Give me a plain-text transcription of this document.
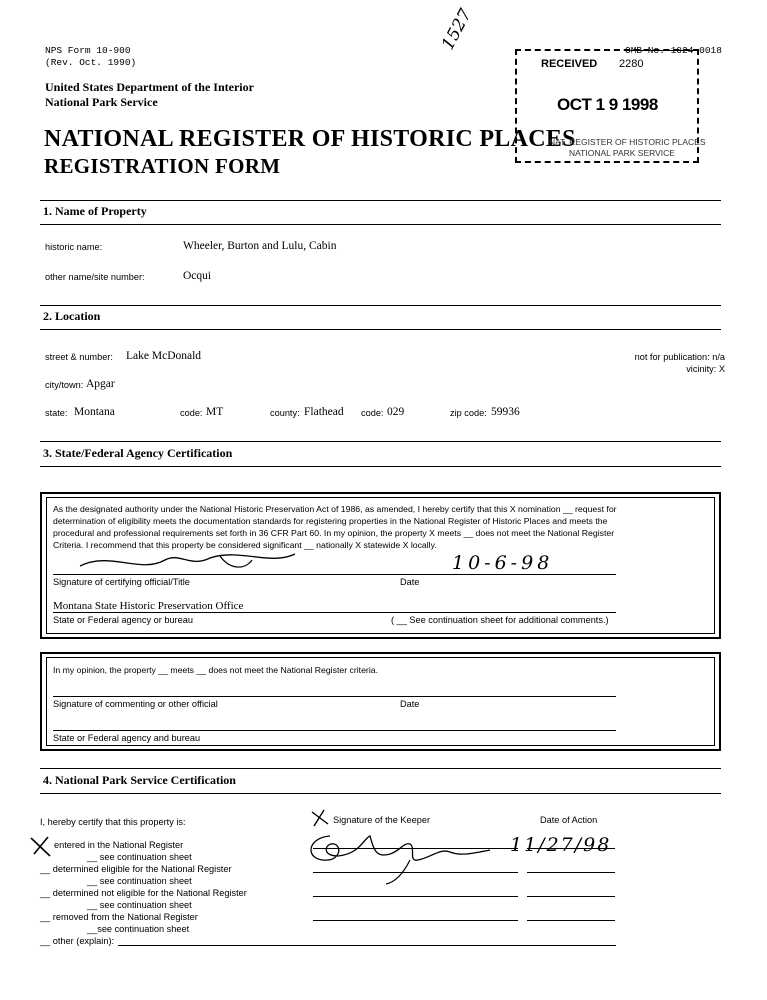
NPS Form 10-900
(Rev. Oct. 1990)
United States Department of the Interior
National Park Service
OMB No. 1024-0018
1527
NATIONAL REGISTER OF HISTORIC PLACES
REGISTRATION FORM
RECEIVED 2280
OCT 1 9 1998
NAT. REGISTER OF HISTORIC PLACES
NATIONAL PARK SERVICE
1. Name of Property
historic name:	Wheeler, Burton and Lulu, Cabin
other name/site number:	Ocqui
2. Location
street & number: Lake McDonald	not for publication: n/a
vicinity: X
city/town: Apgar
state: Montana	code: MT	county: Flathead code: 029	zip code: 59936
3. State/Federal Agency Certification
As the designated authority under the National Historic Preservation Act of 1986, as amended, I hereby certify that this X nomination __ request for
determination of eligibility meets the documentation standards for registering properties in the National Register of Historic Places and meets the
procedural and professional requirements set forth in 36 CFR Part 60. In my opinion, the property X meets __ does not meet the National Register
Criteria. I recommend that this property be considered significant __ nationally X statewide X locally.
10-6-98
Signature of certifying official/Title	Date
Montana State Historic Preservation Office
State or Federal agency or bureau	( __ See continuation sheet for additional comments.)
In my opinion, the property __ meets __ does not meet the National Register criteria.
Signature of commenting or other official	Date
State or Federal agency and bureau
4. National Park Service Certification
I, hereby certify that this property is:	Signature of the Keeper	Date of Action
entered in the National Register
__ see continuation sheet
__ determined eligible for the National Register
__ see continuation sheet
__ determined not eligible for the National Register
__ see continuation sheet
__ removed from the National Register
__see continuation sheet
__ other (explain):
11/27/98
